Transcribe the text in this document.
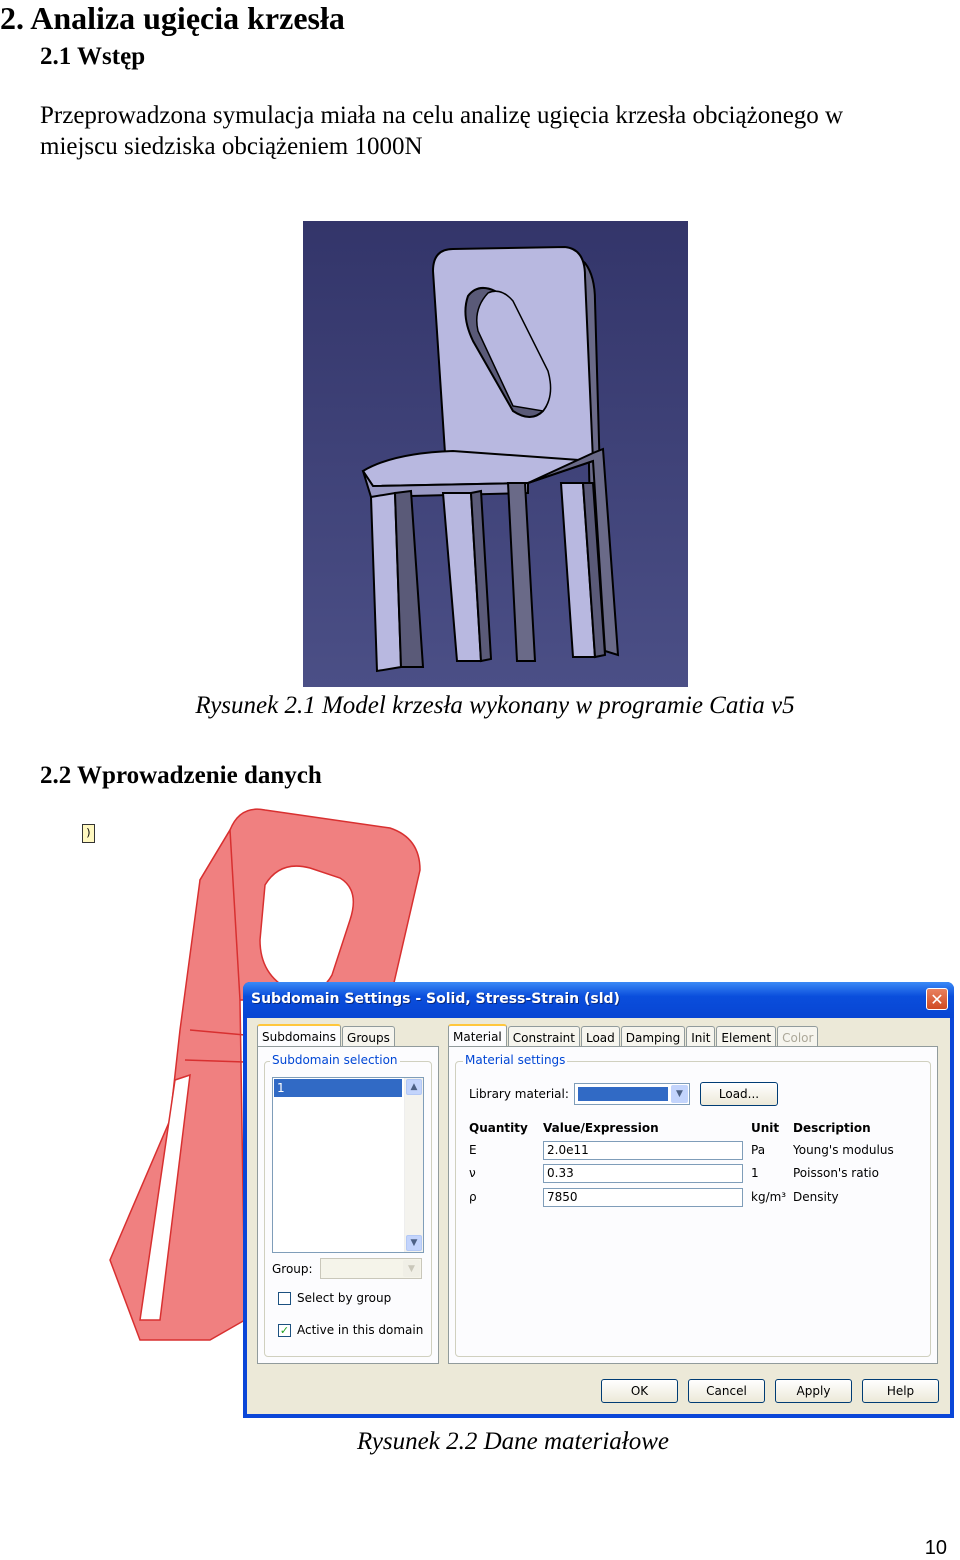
2. Analiza ugięcia krzesła
2.1 Wstęp

Przeprowadzona symulacja miała na celu analizę ugięcia krzesła obciążonego w miejscu siedziska obciążeniem 1000N

Rysunek 2.1 Model krzesła wykonany w programie Catia v5
2.2 Wprowadzenie danych
)
Subdomain Settings - Solid, Stress-Strain (sld)	✕
Subdomains Groups
Subdomain selection
1	▲
▼
Group:	▼
Select by group
✓ Active in this domain
Material Constraint Load Damping Init Element Color
Material settings
Library material:	▼	Load...
Quantity Value/Expression	Unit Description
E	2.0e11	Pa Young's modulus
ν	0.33	1	Poisson's ratio
ρ	7850	kg/m³ Density
OK	Cancel	Apply	Help
Rysunek 2.2 Dane materiałowe
10
